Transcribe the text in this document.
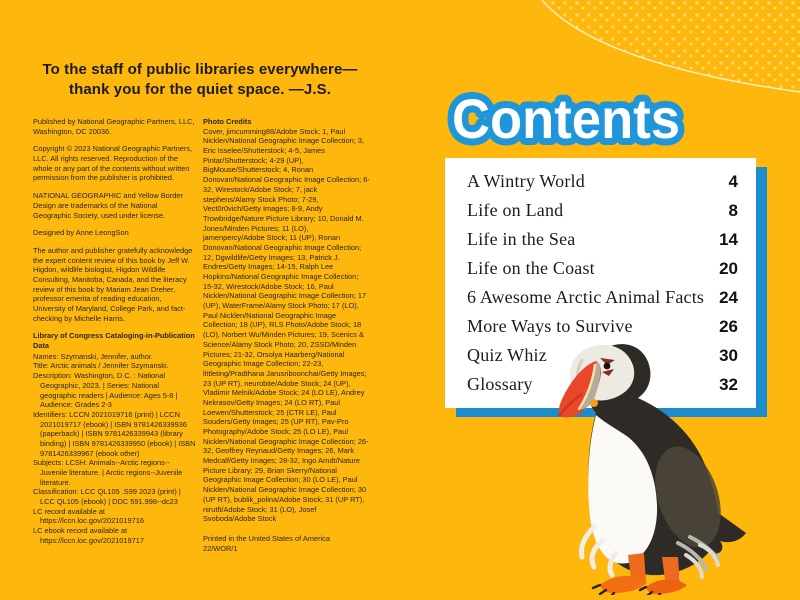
To the staff of public libraries everywhere—
thank you for the quiet space. —J.S.

Published by National Geographic Partners, LLC, Washington, DC 20036.

Copyright © 2023 National Geographic Partners, LLC. All rights reserved. Reproduction of the whole or any part of the contents without written permission from the publisher is prohibited.

NATIONAL GEOGRAPHIC and Yellow Border Design are trademarks of the National Geographic Society, used under license.

Designed by Anne LeongSon

The author and publisher gratefully acknowledge the expert content review of this book by Jeff W. Higdon, wildlife biologist, Higdon Wildlife Consulting, Manitoba, Canada, and the literacy review of this book by Mariam Jean Dreher, professor emerita of reading education, University of Maryland, College Park, and fact-checking by Michelle Harris.

Library of Congress Cataloging-in-Publication Data

Names: Szymanski, Jennifer, author.

Title: Arctic animals / Jennifer Szymanski.

Description: Washington, D.C. : National Geographic, 2023. | Series: National geographic readers | Audience: Ages 5-8 | Audience: Grades 2-3

Identifiers: LCCN 2021019716 (print) | LCCN 2021019717 (ebook) | ISBN 9781426339936 (paperback) | ISBN 9781426339943 (library binding) | ISBN 9781426339950 (ebook) | ISBN 9781426339967 (ebook other)

Subjects: LCSH: Animals--Arctic regions--Juvenile literature. | Arctic regions--Juvenile literature.

Classification: LCC QL105 .S99 2023 (print) | LCC QL105 (ebook) | DDC 591.998--dc23

LC record available at https://lccn.loc.gov/2021019716

LC ebook record available at https://lccn.loc.gov/2021019717

Photo Credits

Cover, jimcumming88/Adobe Stock; 1, Paul Nicklen/National Geographic Image Collection; 3, Eric Isselee/Shutterstock; 4-5, James Pintar/Shutterstock; 4-29 (UP), BigMouse/Shutterstock; 4, Ronan Donovan/National Geographic Image Collection; 6-32, Wirestock/Adobe Stock; 7, jack stephens/Alamy Stock Photo; 7-29, Vect0r0vich/Getty Images; 8-9, Andy Trowbridge/Nature Picture Library; 10, Donald M. Jones/Minden Pictures; 11 (LO), jamenpercy/Adobe Stock; 11 (UP), Ronan Donovan/National Geographic Image Collection; 12, Dgwildlife/Getty Images; 13, Patrick J. Endres/Getty Images; 14-15, Ralph Lee Hopkins/National Geographic Image Collection; 15-32, Wirestock/Adobe Stock; 16, Paul Nicklen/National Geographic Image Collection; 17 (UP), WaterFrame/Alamy Stock Photo; 17 (LO), Paul Nicklen/National Geographic Image Collection; 18 (UP), RLS Photo/Adobe Stock; 18 (LO), Norbert Wu/Minden Pictures; 19, Scenics & Science/Alamy Stock Photo; 20, ZSSD/Minden Pictures; 21-32, Orsolya Haarberg/National Geographic Image Collection; 22-23, littleting/Pradthana Jarusriboonchai/Getty Images; 23 (UP RT), neurobite/Adobe Stock; 24 (UP), Vladimir Melnik/Adobe Stock; 24 (LO LE), Andrey Nekrasov/Getty Images; 24 (LO RT), Paul Loewen/Shutterstock; 25 (CTR LE), Paul Souders/Getty Images; 25 (UP RT), Pav-Pro Photography/Adobe Stock; 25 (LO LE), Paul Nicklen/National Geographic Image Collection; 26-32, Geoffrey Reynaud/Getty Images; 26, Mark Medcalf/Getty Images; 28-32, Ingo Arndt/Nature Picture Library; 29, Brian Skerry/National Geographic Image Collection; 30 (LO LE), Paul Nicklen/National Geographic Image Collection; 30 (UP RT), bublik_polina/Adobe Stock; 31 (UP RT), nirutft/Adobe Stock; 31 (LO), Josef Svoboda/Adobe Stock

Printed in the United States of America

22/WOR/1

Contents
A Wintry World	4
Life on Land	8
Life in the Sea	14
Life on the Coast	20
6 Awesome Arctic Animal Facts 24
More Ways to Survive	26
Quiz Whiz	30
Glossary	32
